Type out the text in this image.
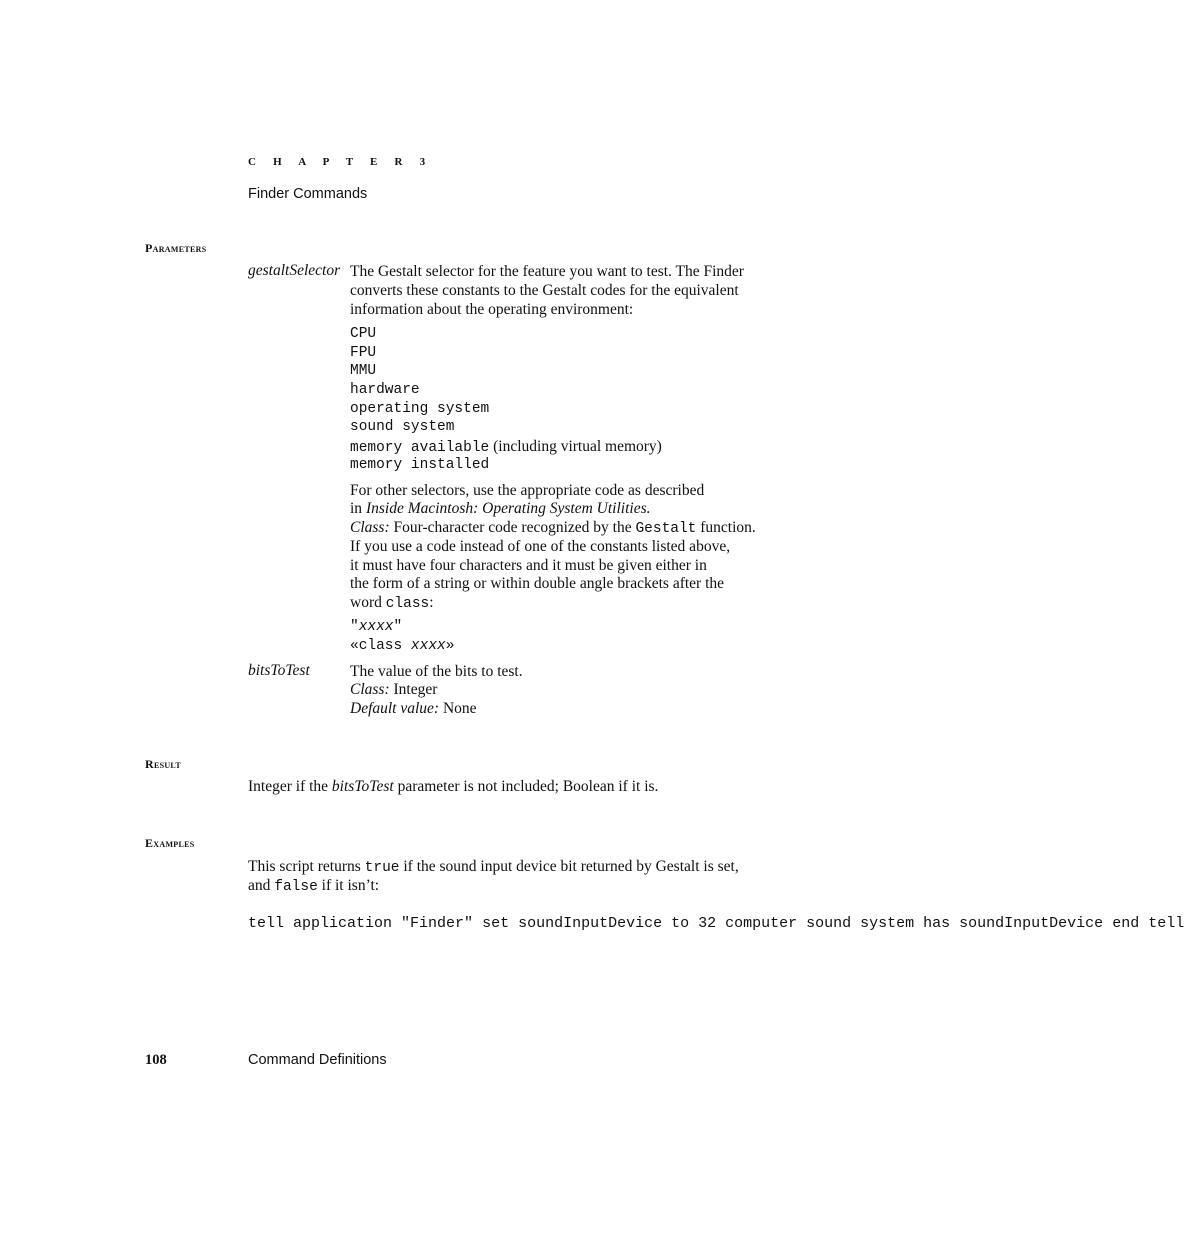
C H A P T E R 3
Finder Commands
Parameters
gestaltSelector The Gestalt selector for the feature you want to test. The Finder
converts these constants to the Gestalt codes for the equivalent
information about the operating environment:
CPU
FPU
MMU
hardware
operating system
sound system
memory available (including virtual memory)
memory installed
For other selectors, use the appropriate code as described
in Inside Macintosh: Operating System Utilities.
Class: Four-character code recognized by the Gestalt function.
If you use a code instead of one of the constants listed above,
it must have four characters and it must be given either in
the form of a string or within double angle brackets after the
word class:
"xxxx"
«class xxxx»
bitsToTest	The value of the bits to test.
Class: Integer
Default value: None
Result
Integer if the bitsToTest parameter is not included; Boolean if it is.
Examples
This script returns true if the sound input device bit returned by Gestalt is set,
and false if it isn’t:
tell application "Finder" set soundInputDevice to 32 computer sound system has soundInputDevice end tell
108	Command Definitions
